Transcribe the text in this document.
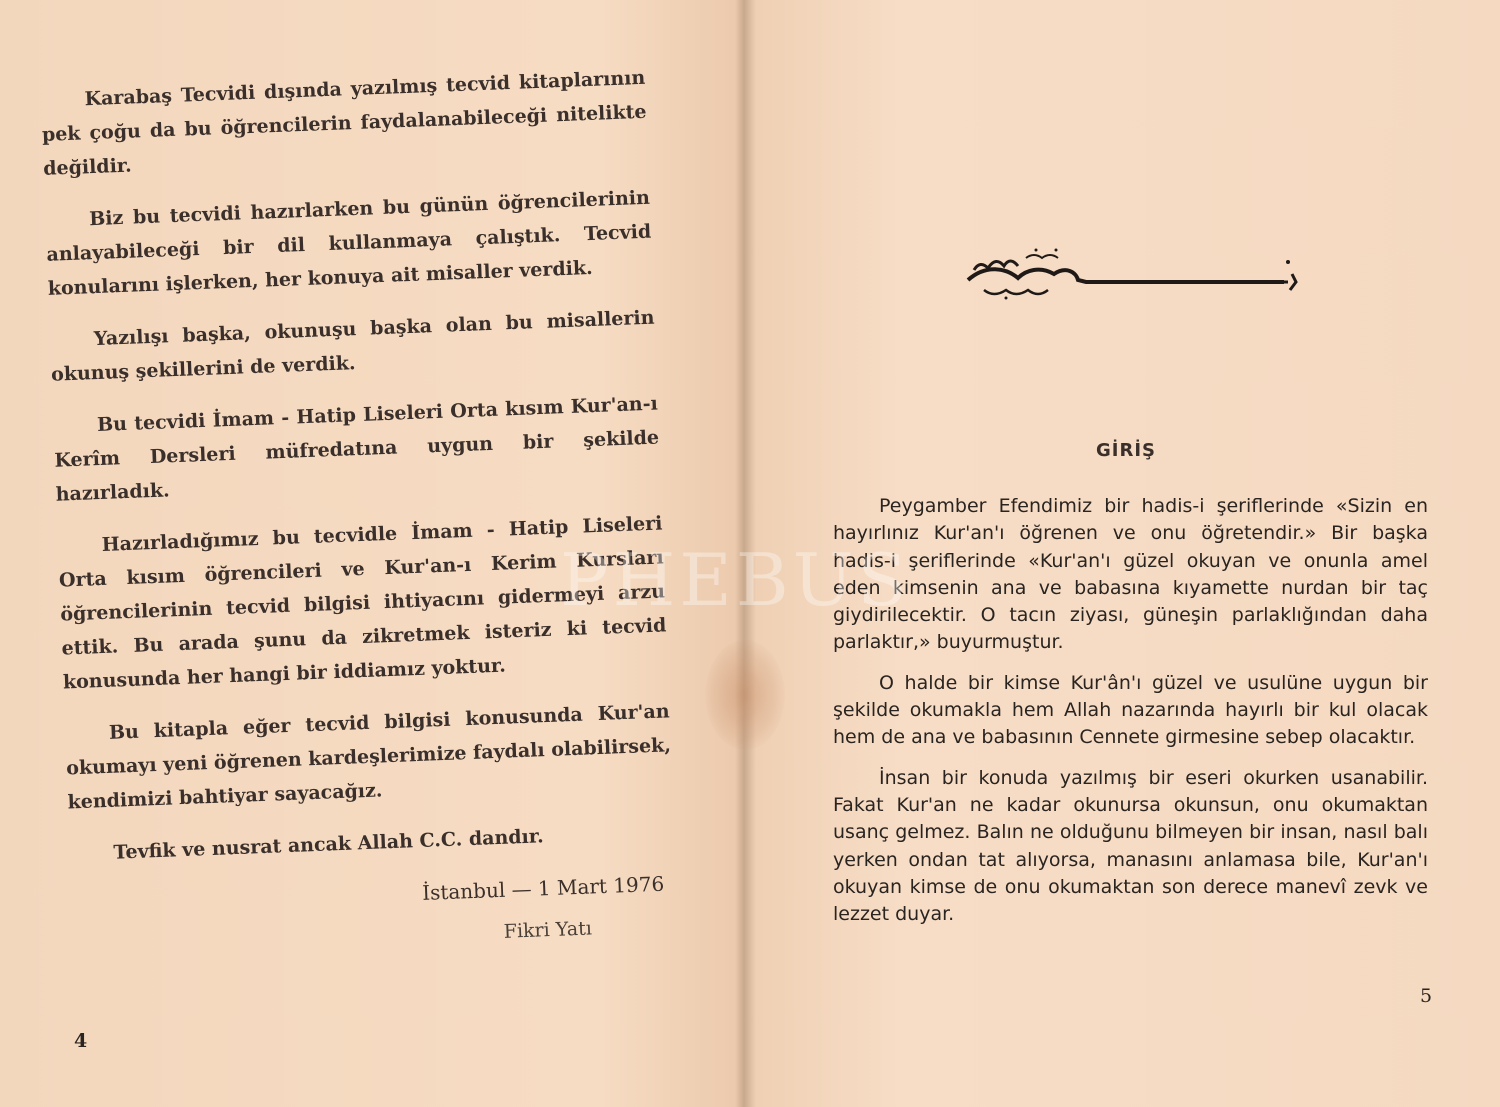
Karabaş Tecvidi dışında yazılmış tecvid kitaplarının pek çoğu da bu öğrencilerin faydalanabileceği nitelikte değildir.

Biz bu tecvidi hazırlarken bu günün öğrencilerinin anlayabileceği bir dil kullanmaya çalıştık. Tecvid konularını işlerken, her konuya ait misaller verdik.

Yazılışı başka, okunuşu başka olan bu misallerin okunuş şekillerini de verdik.

Bu tecvidi İmam - Hatip Liseleri Orta kısım Kur'an-ı Kerîm Dersleri müfredatına uygun bir şekilde hazırladık.

Hazırladığımız bu tecvidle İmam - Hatip Liseleri Orta kısım öğrencileri ve Kur'an-ı Kerim Kursları öğrencilerinin tecvid bilgisi ihtiyacını gidermeyi arzu ettik. Bu arada şunu da zikretmek isteriz ki tecvid konusunda her hangi bir iddiamız yoktur.

Bu kitapla eğer tecvid bilgisi konusunda Kur'an okumayı yeni öğrenen kardeşlerimize faydalı olabilirsek, kendimizi bahtiyar sayacağız.

Tevfik ve nusrat ancak Allah C.C. dandır.

İstanbul — 1 Mart 1976

Fikri Yatı

4
GİRİŞ

Peygamber Efendimiz bir hadis-i şeriflerinde «Sizin en hayırlınız Kur'an'ı öğrenen ve onu öğretendir.» Bir başka hadis-i şeriflerinde «Kur'an'ı güzel okuyan ve onunla amel eden kimsenin ana ve babasına kıyamette nurdan bir taç giydirilecektir. O tacın ziyası, güneşin parlaklığından daha parlaktır,» buyurmuştur.

O halde bir kimse Kur'ân'ı güzel ve usulüne uygun bir şekilde okumakla hem Allah nazarında hayırlı bir kul olacak hem de ana ve babasının Cennete girmesine sebep olacaktır.

İnsan bir konuda yazılmış bir eseri okurken usanabilir. Fakat Kur'an ne kadar okunursa okunsun, onu okumaktan usanç gelmez. Balın ne olduğunu bilmeyen bir insan, nasıl balı yerken ondan tat alıyorsa, manasını anlamasa bile, Kur'an'ı okuyan kimse de onu okumaktan son derece manevî zevk ve lezzet duyar.

5
PHEBUS
